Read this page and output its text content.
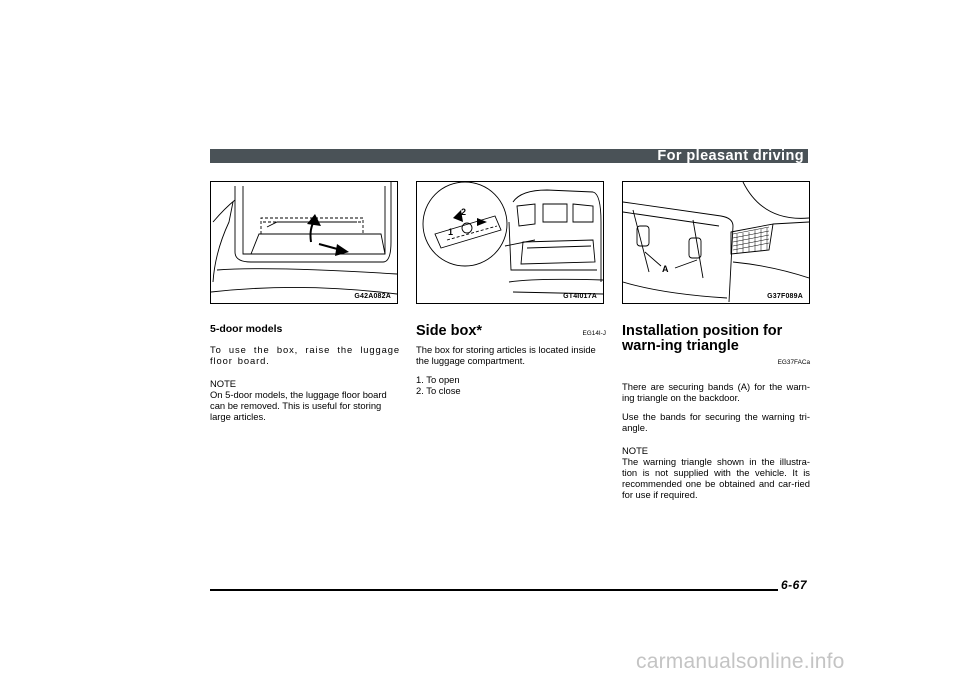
For pleasant driving
G42A082A
2
1
GT4I017A
A
G37F089A
5-door models

To use the box, raise the luggage floor board.

NOTE

On 5-door models, the luggage floor board can be removed. This is useful for storing large articles.

Side box*	EG14I-J

The box for storing articles is located inside the luggage compartment.

1. To open
2. To close
Installation position for warn-ing triangle
EG37FACa

There are securing bands (A) for the warn-ing triangle on the backdoor.

Use the bands for securing the warning tri-angle.

NOTE

The warning triangle shown in the illustra-tion is not supplied with the vehicle. It is recommended one be obtained and car-ried for use if required.

6-67
carmanualsonline.info
